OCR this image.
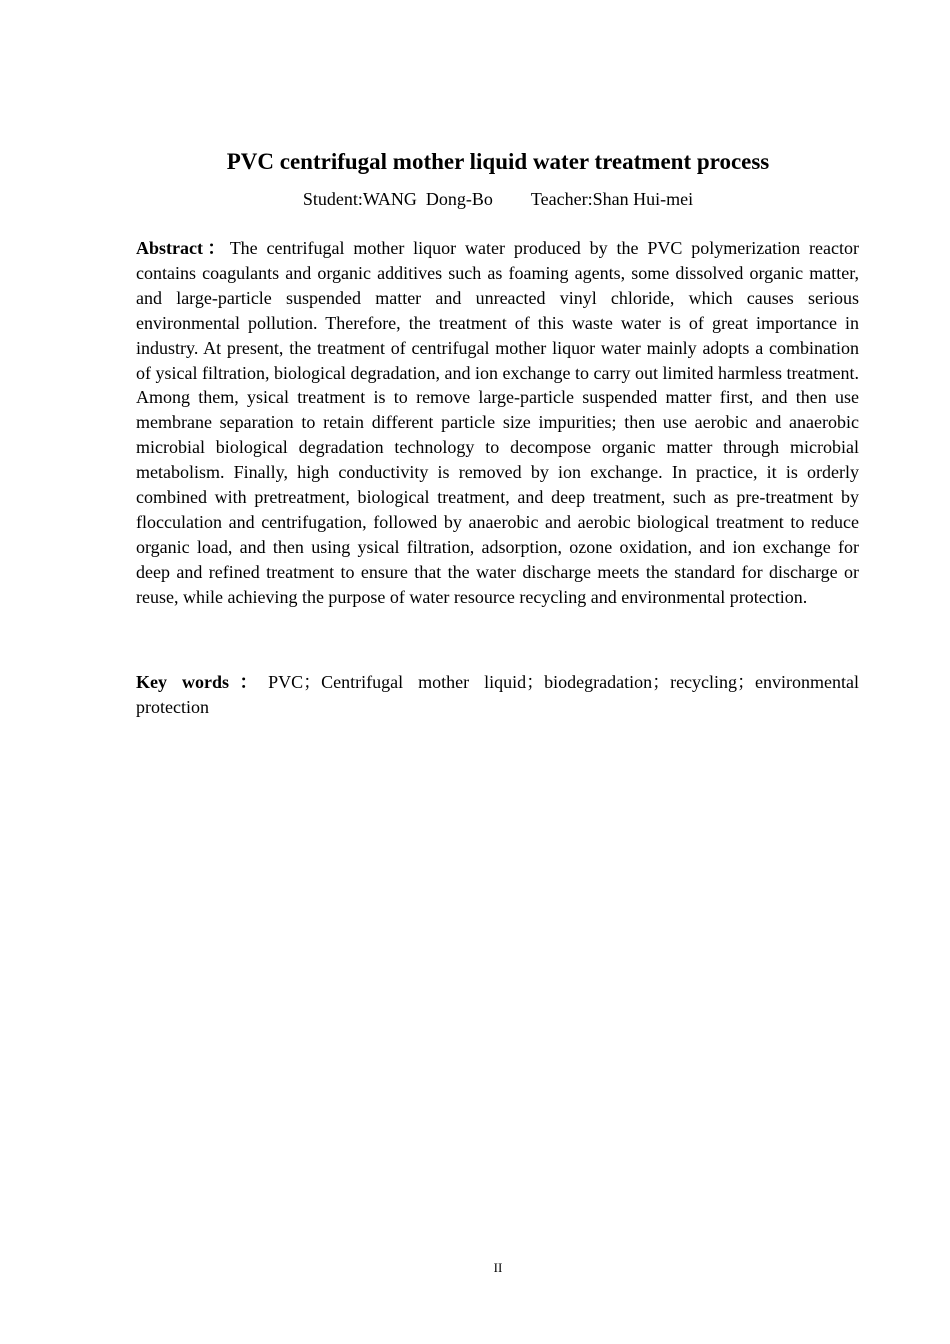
PVC centrifugal mother liquid water treatment process
Student:WANG  Dong-Bo Teacher:Shan Hui-mei

Abstract：The centrifugal mother liquor water produced by the PVC polymerization reactor contains coagulants and organic additives such as foaming agents, some dissolved organic matter, and large-particle suspended matter and unreacted vinyl chloride, which causes serious environmental pollution. Therefore, the treatment of this waste water is of great importance in industry. At present, the treatment of centrifugal mother liquor water mainly adopts a combination of ysical filtration, biological degradation, and ion exchange to carry out limited harmless treatment. Among them, ysical treatment is to remove large-particle suspended matter first, and then use membrane separation to retain different particle size impurities; then use aerobic and anaerobic microbial biological degradation technology to decompose organic matter through microbial metabolism. Finally, high conductivity is removed by ion exchange. In practice, it is orderly combined with pretreatment, biological treatment, and deep treatment, such as pre-treatment by flocculation and centrifugation, followed by anaerobic and aerobic biological treatment to reduce organic load, and then using ysical filtration, adsorption, ozone oxidation, and ion exchange for deep and refined treatment to ensure that the water discharge meets the standard for discharge or reuse, while achieving the purpose of water resource recycling and environmental protection.

Key words：PVC；Centrifugal mother liquid；biodegradation；recycling；environmental protection

II
